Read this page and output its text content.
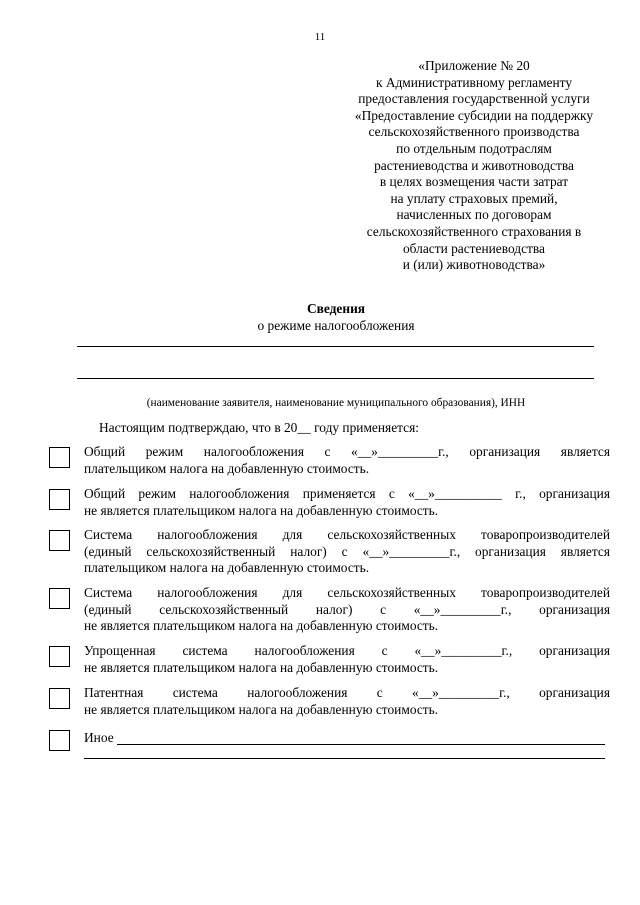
11
«Приложение № 20
к Административному регламенту
предоставления государственной услуги
«Предоставление субсидии на поддержку
сельскохозяйственного производства
по отдельным подотраслям
растениеводства и животноводства
в целях возмещения части затрат
на уплату страховых премий,
начисленных по договорам
сельскохозяйственного страхования в
области растениеводства
и (или) животноводства»
Сведения
о режиме налогообложения
(наименование заявителя, наименование муниципального образования), ИНН
Настоящим подтверждаю, что в 20__ году применяется:
Общий режим налогообложения с «__»_________г., организация является
плательщиком налога на добавленную стоимость.
Общий режим налогообложения применяется с «__»__________ г., организация
не является плательщиком налога на добавленную стоимость.
Система налогообложения для сельскохозяйственных товаропроизводителей
(единый сельскохозяйственный налог) с «__»_________г., организация является
плательщиком налога на добавленную стоимость.
Система налогообложения для сельскохозяйственных товаропроизводителей
(единый сельскохозяйственный налог) с «__»_________г., организация
не является плательщиком налога на добавленную стоимость.
Упрощенная система налогообложения с «__»_________г., организация
не является плательщиком налога на добавленную стоимость.
Патентная система налогообложения с «__»_________г., организация
не является плательщиком налога на добавленную стоимость.
Иное
